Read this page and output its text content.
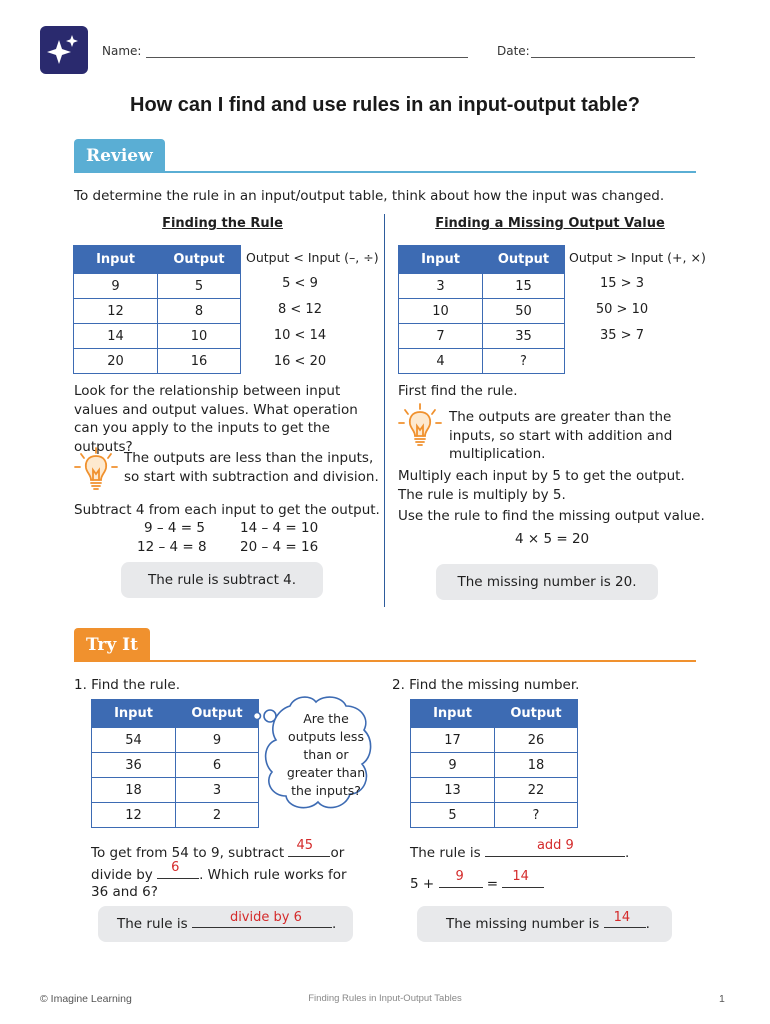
Name:	Date:
How can I find and use rules in an input-output table?
Review
To determine the rule in an input/output table, think about how the input was changed.
Finding the Rule	Finding a Missing Output Value
Input	Output
9	5
12	8
14	10
20	16
Output < Input (–, ÷)
5 < 9
8 < 12
10 < 14
16 < 20
Look for the relationship between input values and output values. What operation can you apply to the inputs to get the outputs?
The outputs are less than the inputs, so start with subtraction and division.
Subtract 4 from each input to get the output.
9 – 4 = 5	14 – 4 = 10
12 – 4 = 8 20 – 4 = 16
The rule is subtract 4.
Input	Output
3	15
10	50
7	35
4	?
Output > Input (+, ×)
15 > 3
50 > 10
35 > 7
First find the rule.
The outputs are greater than the inputs, so start with addition and multiplication.
Multiply each input by 5 to get the output.
The rule is multiply by 5.
Use the rule to find the missing output value.
4 × 5 = 20
The missing number is 20.
Try It
1. Find the rule.	2. Find the missing number.
Input	Output
54	9
36	6
18	3
12	2
Are the outputs less than or greater than the inputs?
Input	Output
17	26
9	18
13	22
5	?
To get from 54 to 9, subtract 45 or
divide by 6 . Which rule works for
36 and 6?
The rule is	divide by 6 .
The rule is	add 9	.
5 + 9 = 14
The missing number is 14 .
© Imagine Learning	Finding Rules in Input-Output Tables	1
